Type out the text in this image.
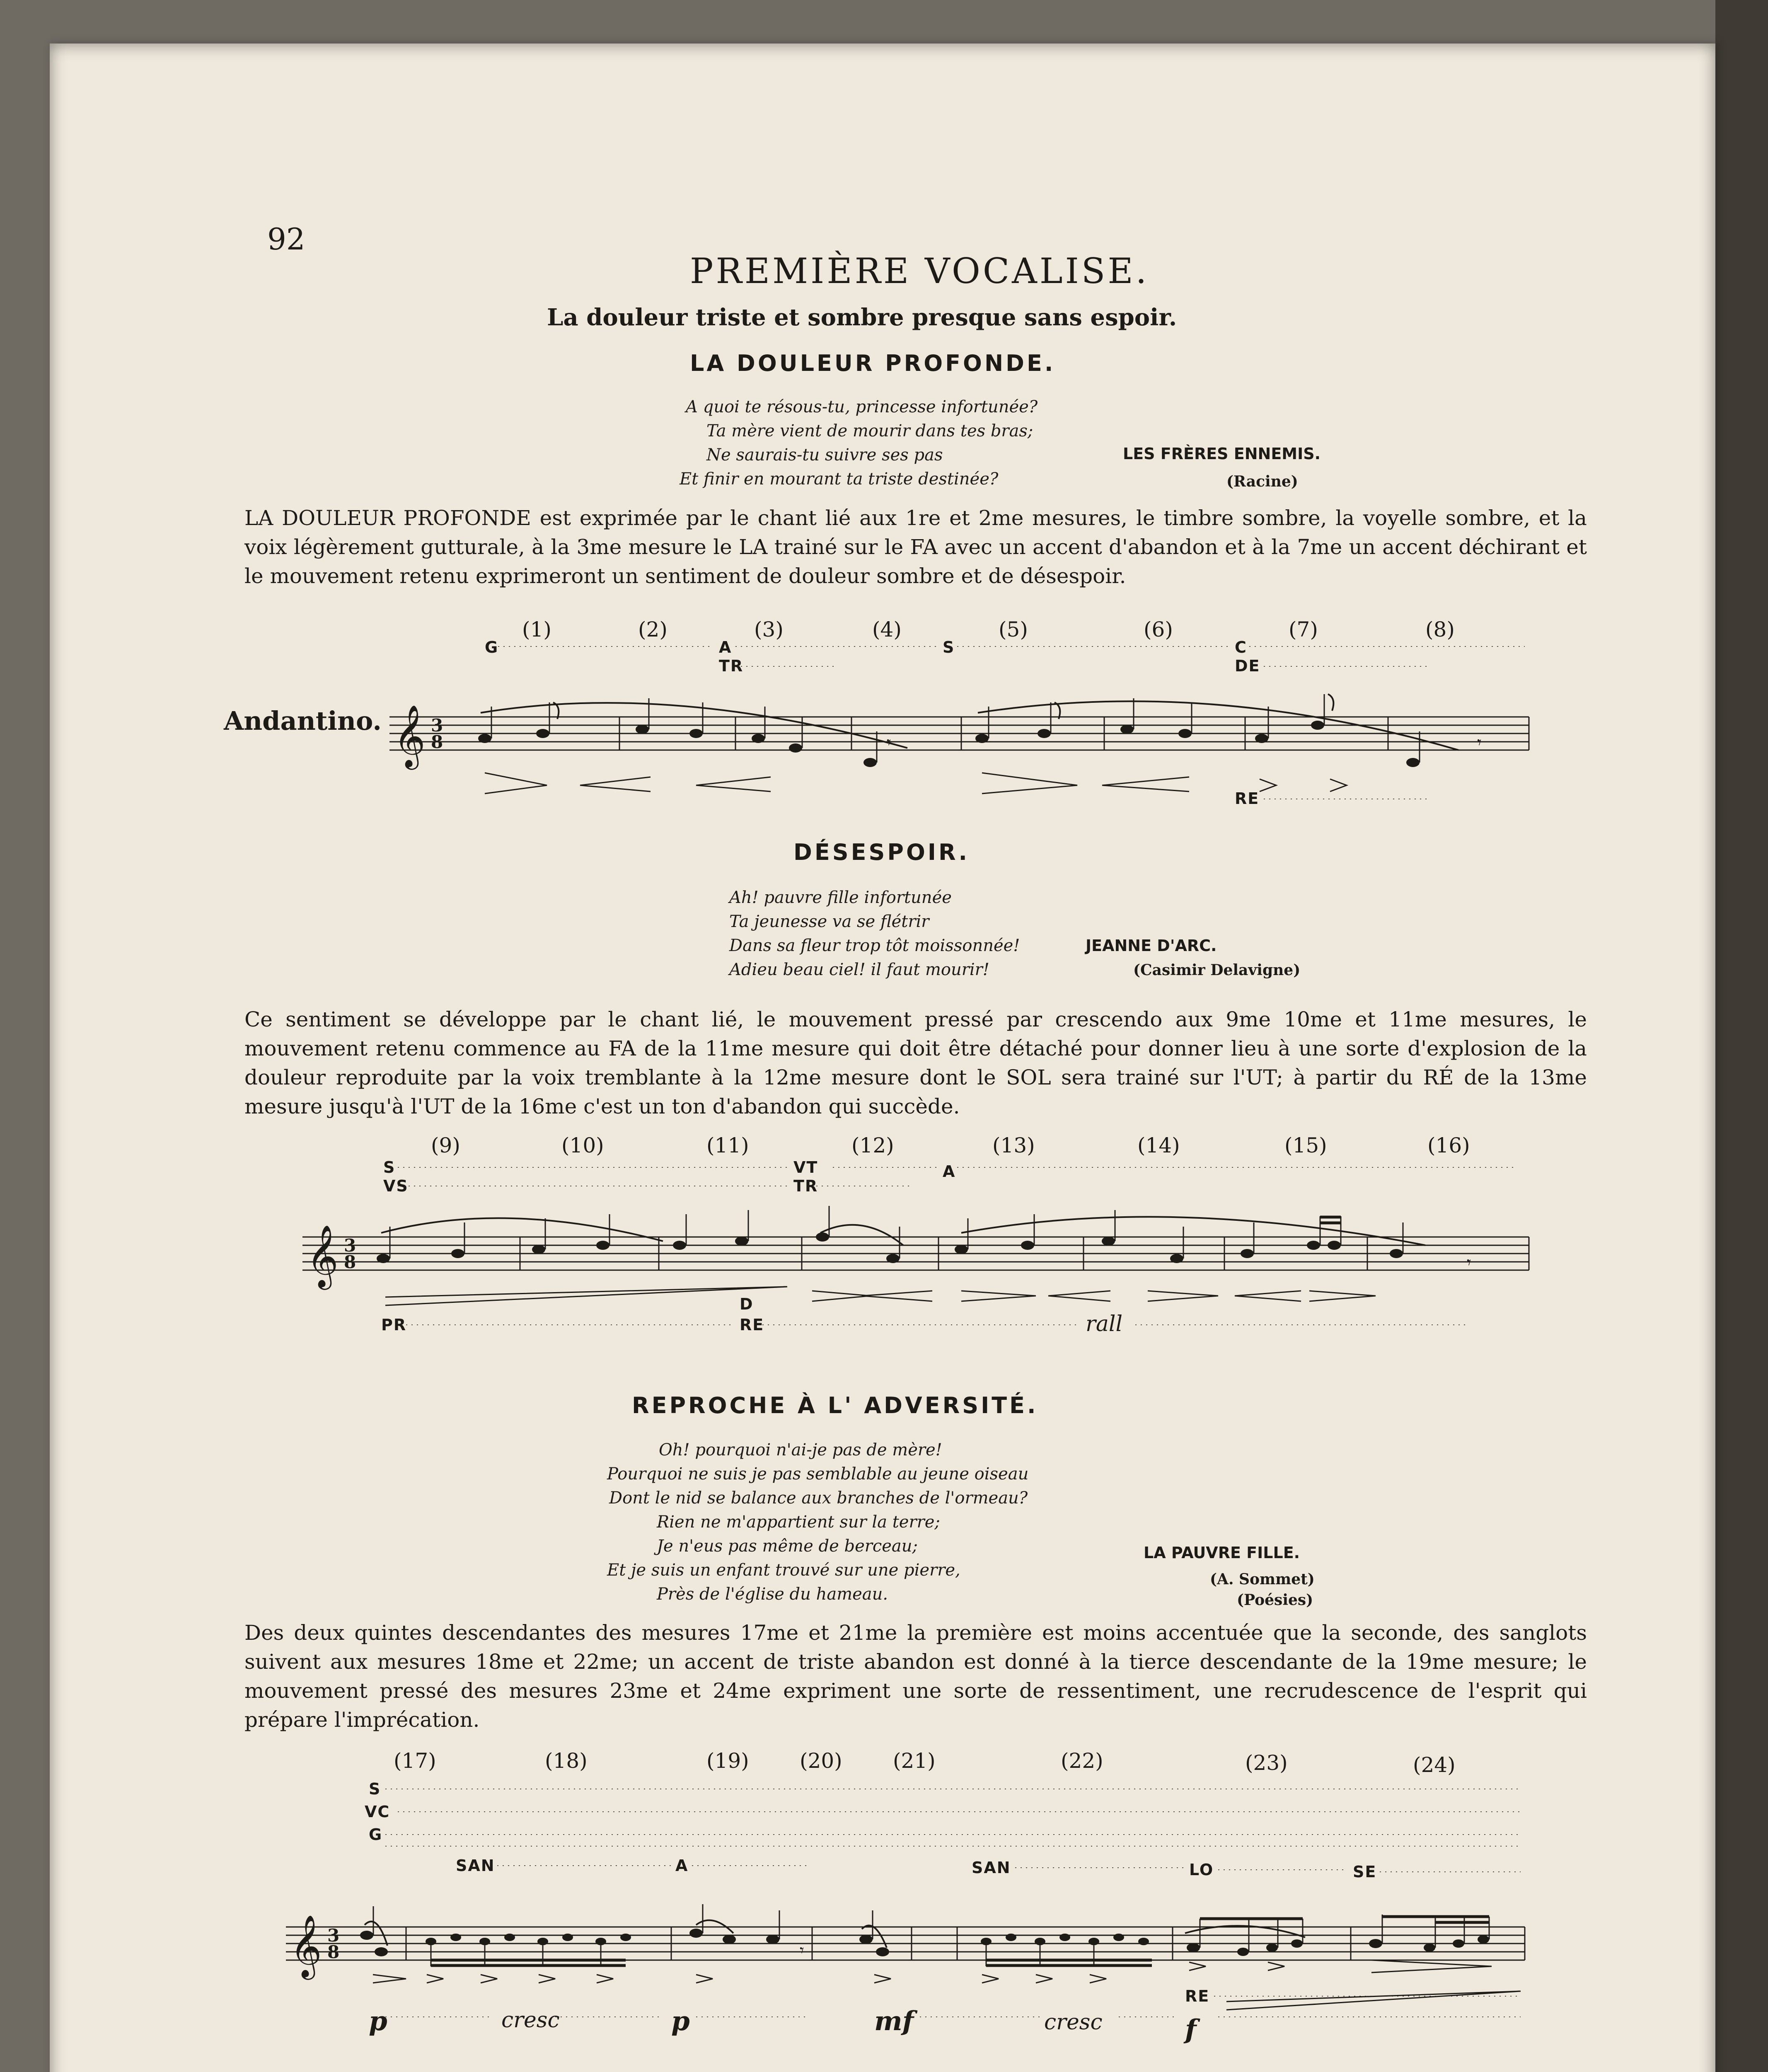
92
PREMIÈRE VOCALISE.
La douleur triste et sombre presque sans espoir.
LA DOULEUR PROFONDE.
A quoi te résous-tu, princesse infortunée?
Ta mère vient de mourir dans tes bras;
Ne saurais-tu suivre ses pas
Et finir en mourant ta triste destinée?
LES FRÈRES ENNEMIS.
(Racine)
LA DOULEUR PROFONDE est exprimée par le chant lié aux 1re et 2me mesures, le timbre sombre, la voyelle sombre, et la voix légèrement gutturale, à la 3me mesure le LA trainé sur le FA avec un accent d'abandon et à la 7me un accent déchirant et le mouvement retenu exprimeront un sentiment de douleur sombre et de désespoir.
Andantino.
(1)	(2)	(3)	(4)	(5)	(6)	(7)	(8)
G	A
TR
S	C
DE
RE
𝄞 3
8	𝄾	𝄾
DÉSESPOIR.
Ah! pauvre fille infortunée
Ta jeunesse va se flétrir
Dans sa fleur trop tôt moissonnée!
Adieu beau ciel! il faut mourir!
JEANNE D'ARC.
(Casimir Delavigne)
Ce sentiment se développe par le chant lié, le mouvement pressé par crescendo aux 9me 10me et 11me mesures, le mouvement retenu commence au FA de la 11me mesure qui doit être détaché pour donner lieu à une sorte d'explosion de la douleur reproduite par la voix tremblante à la 12me mesure dont le SOL sera trainé sur l'UT; à partir du RÉ de la 13me mesure jusqu'à l'UT de la 16me c'est un ton d'abandon qui succède.
(9)	(10)	(11)	(12)	(13)	(14)	(15)	(16)
S
VS
VT	A
TR
D
PR	RE	rall
𝄞 3
8	𝄾
REPROCHE À L' ADVERSITÉ.
Oh! pourquoi n'ai-je pas de mère!
Pourquoi ne suis je pas semblable au jeune oiseau
Dont le nid se balance aux branches de l'ormeau?
Rien ne m'appartient sur la terre;
Je n'eus pas même de berceau;
Et je suis un enfant trouvé sur une pierre,
Près de l'église du hameau.
LA PAUVRE FILLE.
(A. Sommet)
(Poésies)
Des deux quintes descendantes des mesures 17me et 21me la première est moins accentuée que la seconde, des sanglots suivent aux mesures 18me et 22me; un accent de triste abandon est donné à la tierce descendante de la 19me mesure; le mouvement pressé des mesures 23me et 24me expriment une sorte de ressentiment, une recrudescence de l'esprit qui prépare l'imprécation.
(17)	(18)	(19) (20) (21)	(22)	(23)	(24)
S
VC
G
SAN	A	SAN	LO	SE
RE
p	cresc	p	mf	cresc	f
𝄞 3
8	𝄾
